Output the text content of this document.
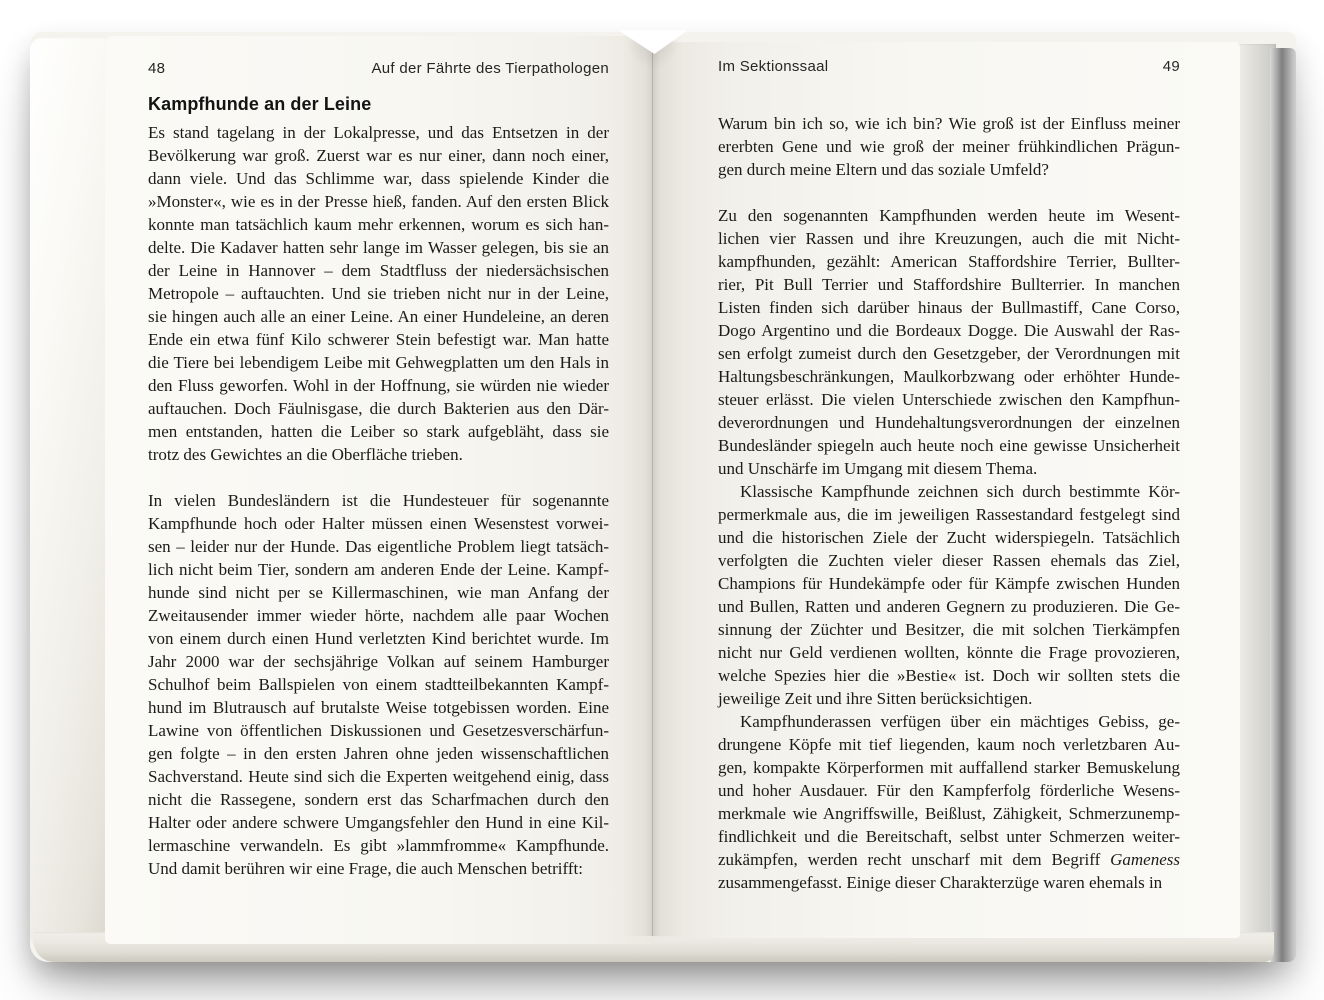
48	Auf der Fährte des Tierpathologen
Kampfhunde an der Leine

Es stand tagelang in der Lokalpresse, und das Entsetzen in der
Bevölkerung war groß. Zuerst war es nur einer, dann noch einer,
dann viele. Und das Schlimme war, dass spielende Kinder die
»Monster«, wie es in der Presse hieß, fanden. Auf den ersten Blick
konnte man tatsächlich kaum mehr erkennen, worum es sich han-
delte. Die Kadaver hatten sehr lange im Wasser gelegen, bis sie an
der Leine in Hannover – dem Stadtfluss der niedersächsischen
Metropole – auftauchten. Und sie trieben nicht nur in der Leine,
sie hingen auch alle an einer Leine. An einer Hundeleine, an deren
Ende ein etwa fünf Kilo schwerer Stein befestigt war. Man hatte
die Tiere bei lebendigem Leibe mit Gehwegplatten um den Hals in
den Fluss geworfen. Wohl in der Hoffnung, sie würden nie wieder
auftauchen. Doch Fäulnisgase, die durch Bakterien aus den Där-
men entstanden, hatten die Leiber so stark aufgebläht, dass sie
trotz des Gewichtes an die Oberfläche trieben.

In vielen Bundesländern ist die Hundesteuer für sogenannte
Kampfhunde hoch oder Halter müssen einen Wesenstest vorwei-
sen – leider nur der Hunde. Das eigentliche Problem liegt tatsäch-
lich nicht beim Tier, sondern am anderen Ende der Leine. Kampf-
hunde sind nicht per se Killermaschinen, wie man Anfang der
Zweitausender immer wieder hörte, nachdem alle paar Wochen
von einem durch einen Hund verletzten Kind berichtet wurde. Im
Jahr 2000 war der sechsjährige Volkan auf seinem Hamburger
Schulhof beim Ballspielen von einem stadtteilbekannten Kampf-
hund im Blutrausch auf brutalste Weise totgebissen worden. Eine
Lawine von öffentlichen Diskussionen und Gesetzesverschärfun-
gen folgte – in den ersten Jahren ohne jeden wissenschaftlichen
Sachverstand. Heute sind sich die Experten weitgehend einig, dass
nicht die Rassegene, sondern erst das Scharfmachen durch den
Halter oder andere schwere Umgangsfehler den Hund in eine Kil-
lermaschine verwandeln. Es gibt »lammfromme« Kampfhunde.
Und damit berühren wir eine Frage, die auch Menschen betrifft:

Im Sektionssaal	49

Warum bin ich so, wie ich bin? Wie groß ist der Einfluss meiner
ererbten Gene und wie groß der meiner frühkindlichen Prägun-
gen durch meine Eltern und das soziale Umfeld?

Zu den sogenannten Kampfhunden werden heute im Wesent-
lichen vier Rassen und ihre Kreuzungen, auch die mit Nicht-
kampfhunden, gezählt: American Staffordshire Terrier, Bullter-
rier, Pit Bull Terrier und Staffordshire Bullterrier. In manchen
Listen finden sich darüber hinaus der Bullmastiff, Cane Corso,
Dogo Argentino und die Bordeaux Dogge. Die Auswahl der Ras-
sen erfolgt zumeist durch den Gesetzgeber, der Verordnungen mit
Haltungsbeschränkungen, Maulkorbzwang oder erhöhter Hunde-
steuer erlässt. Die vielen Unterschiede zwischen den Kampfhun-
deverordnungen und Hundehaltungsverordnungen der einzelnen
Bundesländer spiegeln auch heute noch eine gewisse Unsicherheit
und Unschärfe im Umgang mit diesem Thema.

Klassische Kampfhunde zeichnen sich durch bestimmte Kör-
permerkmale aus, die im jeweiligen Rassestandard festgelegt sind
und die historischen Ziele der Zucht widerspiegeln. Tatsächlich
verfolgten die Zuchten vieler dieser Rassen ehemals das Ziel,
Champions für Hundekämpfe oder für Kämpfe zwischen Hunden
und Bullen, Ratten und anderen Gegnern zu produzieren. Die Ge-
sinnung der Züchter und Besitzer, die mit solchen Tierkämpfen
nicht nur Geld verdienen wollten, könnte die Frage provozieren,
welche Spezies hier die »Bestie« ist. Doch wir sollten stets die
jeweilige Zeit und ihre Sitten berücksichtigen.

Kampfhunderassen verfügen über ein mächtiges Gebiss, ge-
drungene Köpfe mit tief liegenden, kaum noch verletzbaren Au-
gen, kompakte Körperformen mit auffallend starker Bemuskelung
und hoher Ausdauer. Für den Kampferfolg förderliche Wesens-
merkmale wie Angriffswille, Beißlust, Zähigkeit, Schmerzunemp-
findlichkeit und die Bereitschaft, selbst unter Schmerzen weiter-
zukämpfen, werden recht unscharf mit dem Begriff Gameness
zusammengefasst. Einige dieser Charakterzüge waren ehemals in
